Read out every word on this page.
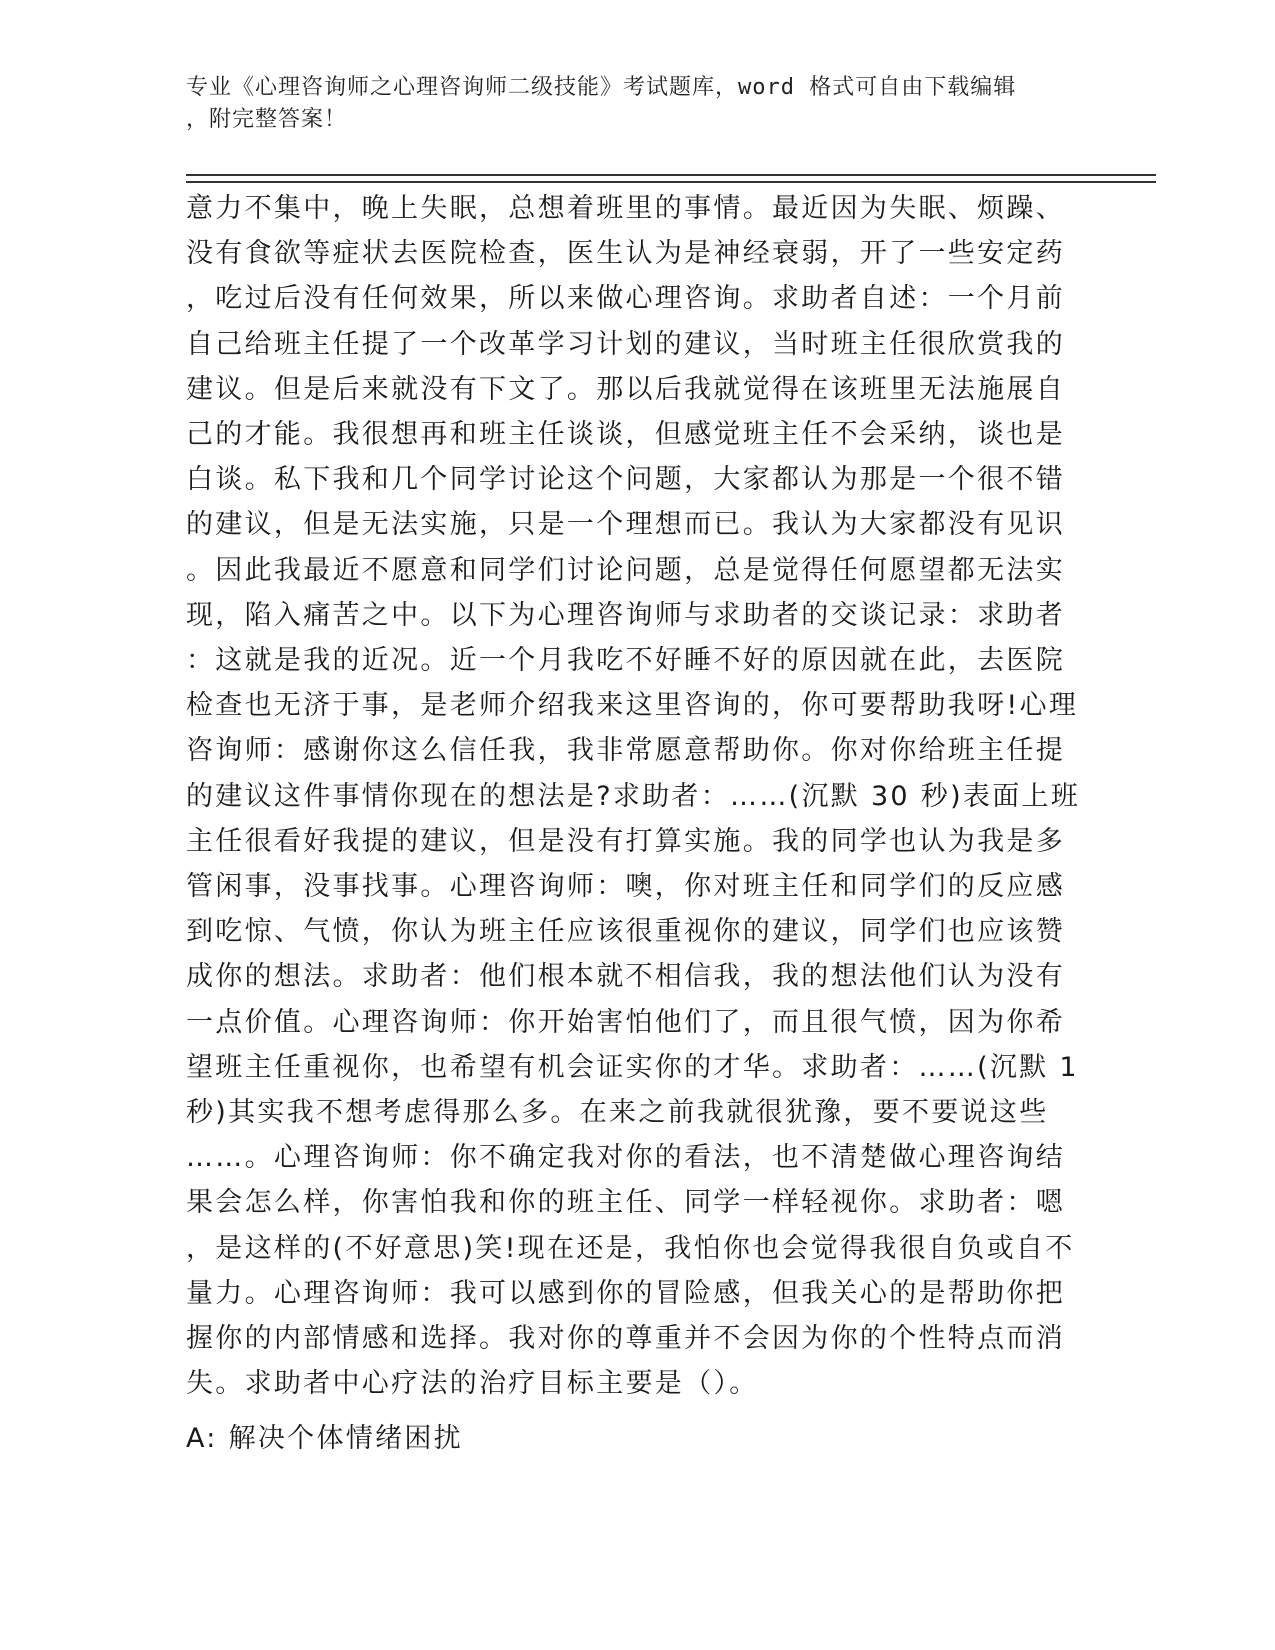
专业《心理咨询师之心理咨询师二级技能》考试题库，word 格式可自由下载编辑
，附完整答案！
意力不集中，晚上失眠，总想着班里的事情。最近因为失眠、烦躁、
没有食欲等症状去医院检查，医生认为是神经衰弱，开了一些安定药
，吃过后没有任何效果，所以来做心理咨询。求助者自述：一个月前
自己给班主任提了一个改革学习计划的建议，当时班主任很欣赏我的
建议。但是后来就没有下文了。那以后我就觉得在该班里无法施展自
己的才能。我很想再和班主任谈谈，但感觉班主任不会采纳，谈也是
白谈。私下我和几个同学讨论这个问题，大家都认为那是一个很不错
的建议，但是无法实施，只是一个理想而已。我认为大家都没有见识
。因此我最近不愿意和同学们讨论问题，总是觉得任何愿望都无法实
现，陷入痛苦之中。以下为心理咨询师与求助者的交谈记录：求助者
：这就是我的近况。近一个月我吃不好睡不好的原因就在此，去医院
检查也无济于事，是老师介绍我来这里咨询的，你可要帮助我呀!心理
咨询师：感谢你这么信任我，我非常愿意帮助你。你对你给班主任提
的建议这件事情你现在的想法是?求助者：……(沉默 30 秒)表面上班
主任很看好我提的建议，但是没有打算实施。我的同学也认为我是多
管闲事，没事找事。心理咨询师：噢，你对班主任和同学们的反应感
到吃惊、气愤，你认为班主任应该很重视你的建议，同学们也应该赞
成你的想法。求助者：他们根本就不相信我，我的想法他们认为没有
一点价值。心理咨询师：你开始害怕他们了，而且很气愤，因为你希
望班主任重视你，也希望有机会证实你的才华。求助者：……(沉默 1
秒)其实我不想考虑得那么多。在来之前我就很犹豫，要不要说这些
……。心理咨询师：你不确定我对你的看法，也不清楚做心理咨询结
果会怎么样，你害怕我和你的班主任、同学一样轻视你。求助者：嗯
，是这样的(不好意思)笑!现在还是，我怕你也会觉得我很自负或自不
量力。心理咨询师：我可以感到你的冒险感，但我关心的是帮助你把
握你的内部情感和选择。我对你的尊重并不会因为你的个性特点而消
失。求助者中心疗法的治疗目标主要是（）。
A: 解决个体情绪困扰
